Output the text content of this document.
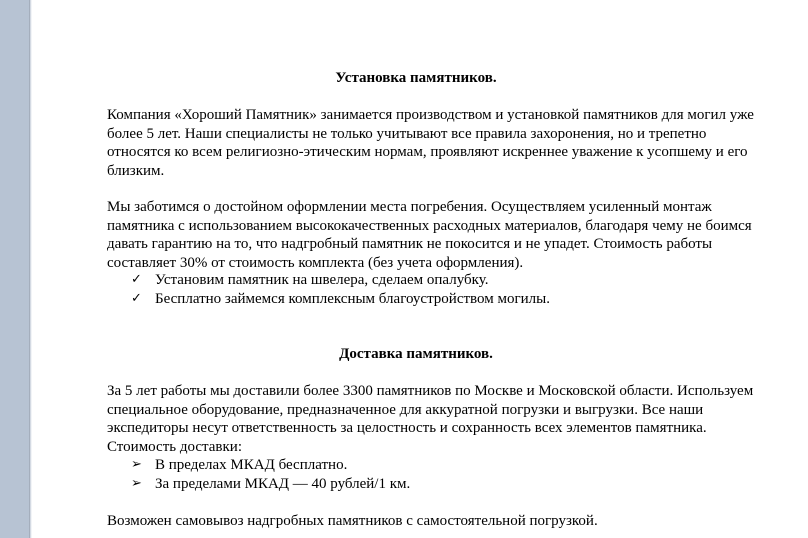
Установка памятников.

Компания «Хороший Памятник» занимается производством и установкой памятников для могил уже более 5 лет. Наши специалисты не только учитывают все правила захоронения, но и трепетно относятся ко всем религиозно-этическим нормам, проявляют искреннее уважение к усопшему и его близким.

Мы заботимся о достойном оформлении места погребения. Осуществляем усиленный монтаж памятника с использованием высококачественных расходных материалов, благодаря чему не боимся давать гарантию на то, что надгробный памятник не покосится и не упадет. Стоимость работы составляет 30% от стоимость комплекта (без учета оформления).

✓ Установим памятник на швелера, сделаем опалубку.
✓ Бесплатно займемся комплексным благоустройством могилы.
Доставка памятников.

За 5 лет работы мы доставили более 3300 памятников по Москве и Московской области. Используем специальное оборудование, предназначенное для аккуратной погрузки и выгрузки. Все наши экспедиторы несут ответственность за целостность и сохранность всех элементов памятника. Стоимость доставки:

➢ В пределах МКАД бесплатно.
➢ За пределами МКАД — 40 рублей/1 км.

Возможен самовывоз надгробных памятников с самостоятельной погрузкой.
